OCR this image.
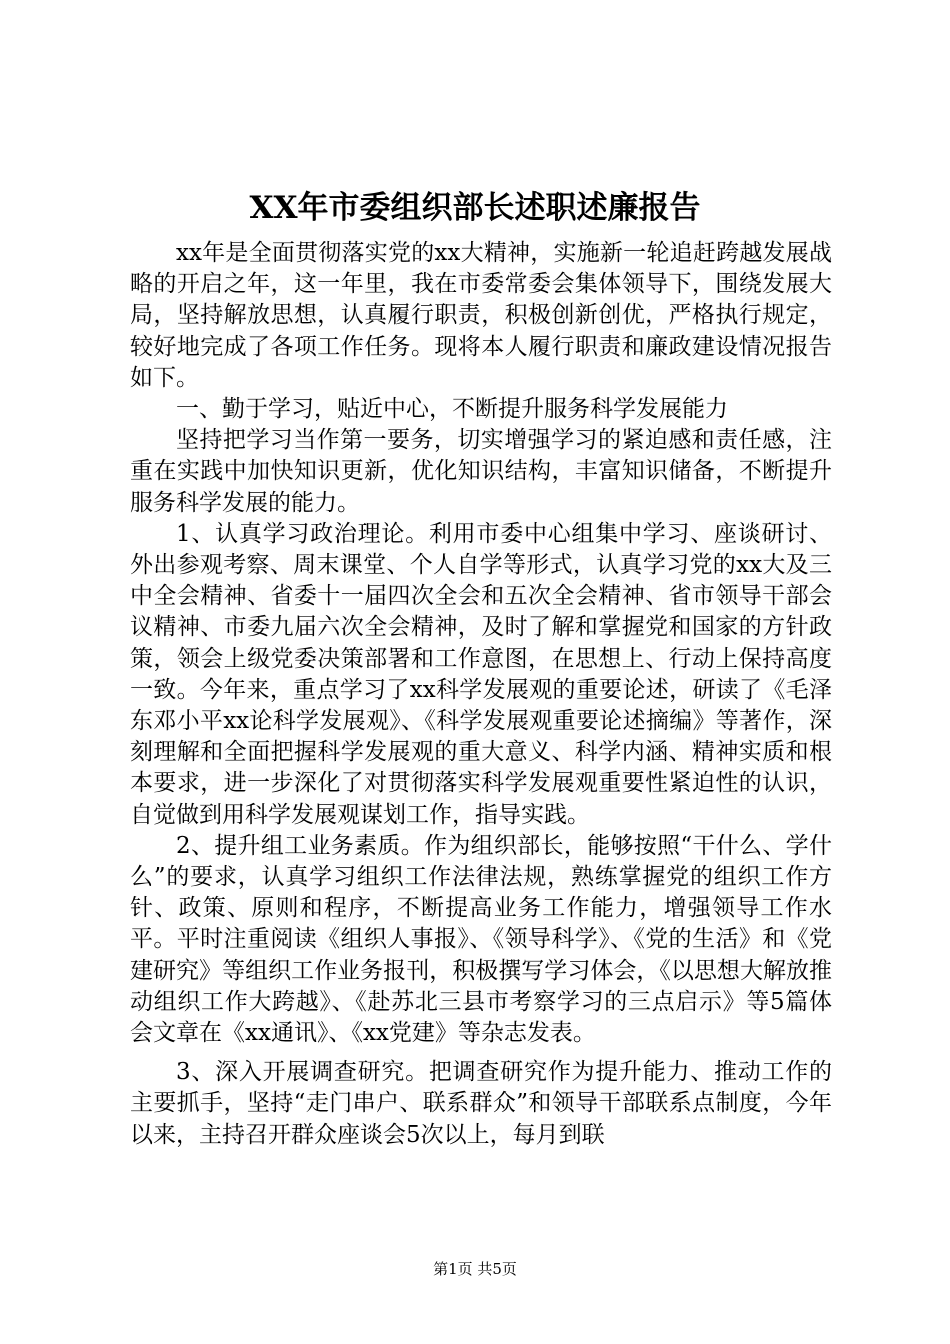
XX年市委组织部长述职述廉报告

xx年是全面贯彻落实党的xx大精神，实施新一轮追赶跨越发展战略的开启之年，这一年里，我在市委常委会集体领导下，围绕发展大局，坚持解放思想，认真履行职责，积极创新创优，严格执行规定，较好地完成了各项工作任务。现将本人履行职责和廉政建设情况报告如下。

一、勤于学习，贴近中心，不断提升服务科学发展能力

坚持把学习当作第一要务，切实增强学习的紧迫感和责任感，注重在实践中加快知识更新，优化知识结构，丰富知识储备，不断提升服务科学发展的能力。

1、认真学习政治理论。利用市委中心组集中学习、座谈研讨、外出参观考察、周末课堂、个人自学等形式，认真学习党的xx大及三中全会精神、省委十一届四次全会和五次全会精神、省市领导干部会议精神、市委九届六次全会精神，及时了解和掌握党和国家的方针政策，领会上级党委决策部署和工作意图，在思想上、行动上保持高度一致。今年来，重点学习了xx科学发展观的重要论述，研读了《毛泽东邓小平xx论科学发展观》、《科学发展观重要论述摘编》等著作，深刻理解和全面把握科学发展观的重大意义、科学内涵、精神实质和根本要求，进一步深化了对贯彻落实科学发展观重要性紧迫性的认识，自觉做到用科学发展观谋划工作，指导实践。

2、提升组工业务素质。作为组织部长，能够按照“干什么、学什么”的要求，认真学习组织工作法律法规，熟练掌握党的组织工作方针、政策、原则和程序，不断提高业务工作能力，增强领导工作水平。平时注重阅读《组织人事报》、《领导科学》、《党的生活》和《党建研究》等组织工作业务报刊，积极撰写学习体会，《以思想大解放推动组织工作大跨越》、《赴苏北三县市考察学习的三点启示》等5篇体会文章在《xx通讯》、《xx党建》等杂志发表。

3、深入开展调查研究。把调查研究作为提升能力、推动工作的主要抓手，坚持“走门串户、联系群众”和领导干部联系点制度，今年以来，主持召开群众座谈会5次以上，每月到联

第1页 共5页
